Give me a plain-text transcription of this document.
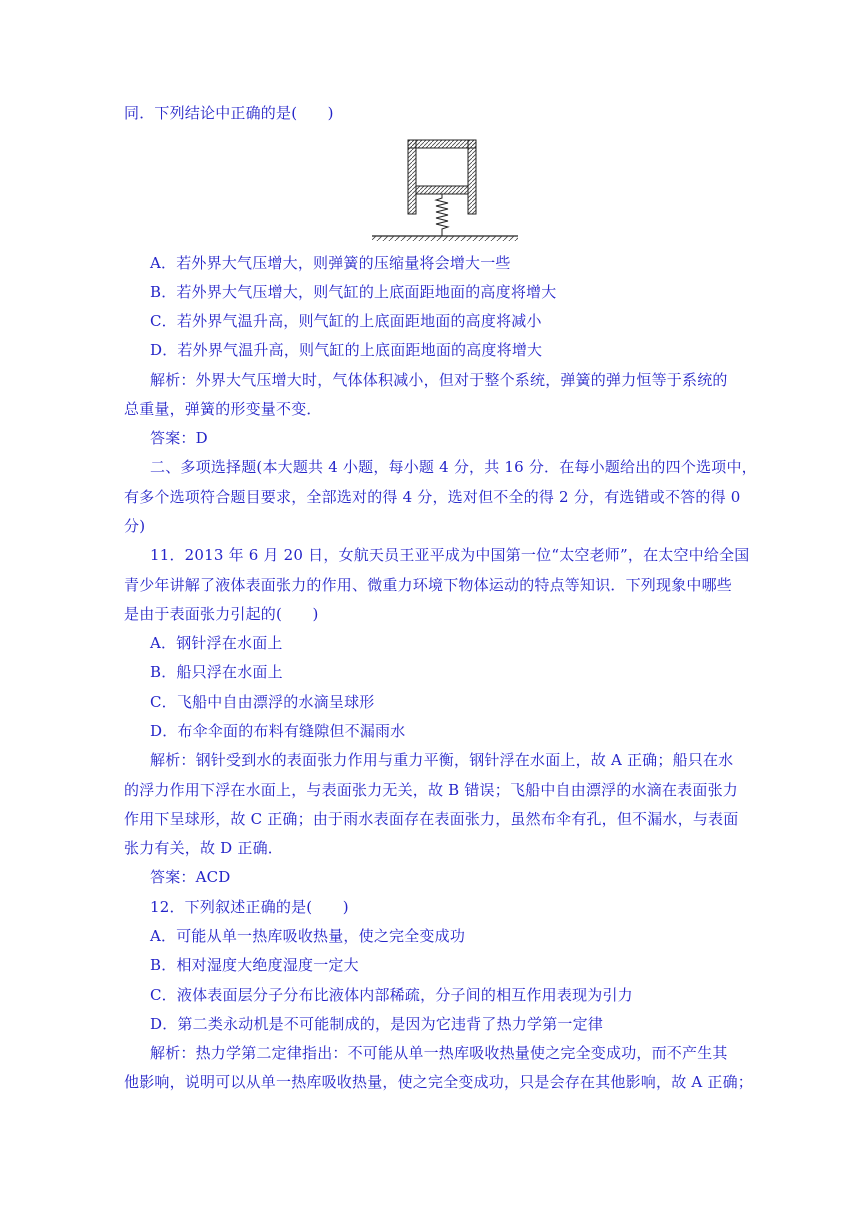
同．下列结论中正确的是(　　)
A．若外界大气压增大，则弹簧的压缩量将会增大一些
B．若外界大气压增大，则气缸的上底面距地面的高度将增大
C．若外界气温升高，则气缸的上底面距地面的高度将减小
D．若外界气温升高，则气缸的上底面距地面的高度将增大
解析：外界大气压增大时，气体体积减小，但对于整个系统，弹簧的弹力恒等于系统的
总重量，弹簧的形变量不变．
答案：D
二、多项选择题(本大题共 4 小题，每小题 4 分，共 16 分．在每小题给出的四个选项中，
有多个选项符合题目要求，全部选对的得 4 分，选对但不全的得 2 分，有选错或不答的得 0
分)
11．2013 年 6 月 20 日，女航天员王亚平成为中国第一位“太空老师”，在太空中给全国
青少年讲解了液体表面张力的作用、微重力环境下物体运动的特点等知识．下列现象中哪些
是由于表面张力引起的(　　)
A．钢针浮在水面上
B．船只浮在水面上
C．飞船中自由漂浮的水滴呈球形
D．布伞伞面的布料有缝隙但不漏雨水
解析：钢针受到水的表面张力作用与重力平衡，钢针浮在水面上，故 A 正确；船只在水
的浮力作用下浮在水面上，与表面张力无关，故 B 错误；飞船中自由漂浮的水滴在表面张力
作用下呈球形，故 C 正确；由于雨水表面存在表面张力，虽然布伞有孔，但不漏水，与表面
张力有关，故 D 正确．
答案：ACD
12．下列叙述正确的是(　　)
A．可能从单一热库吸收热量，使之完全变成功
B．相对湿度大绝度湿度一定大
C．液体表面层分子分布比液体内部稀疏，分子间的相互作用表现为引力
D．第二类永动机是不可能制成的，是因为它违背了热力学第一定律
解析：热力学第二定律指出：不可能从单一热库吸收热量使之完全变成功，而不产生其
他影响，说明可以从单一热库吸收热量，使之完全变成功，只是会存在其他影响，故 A 正确；
